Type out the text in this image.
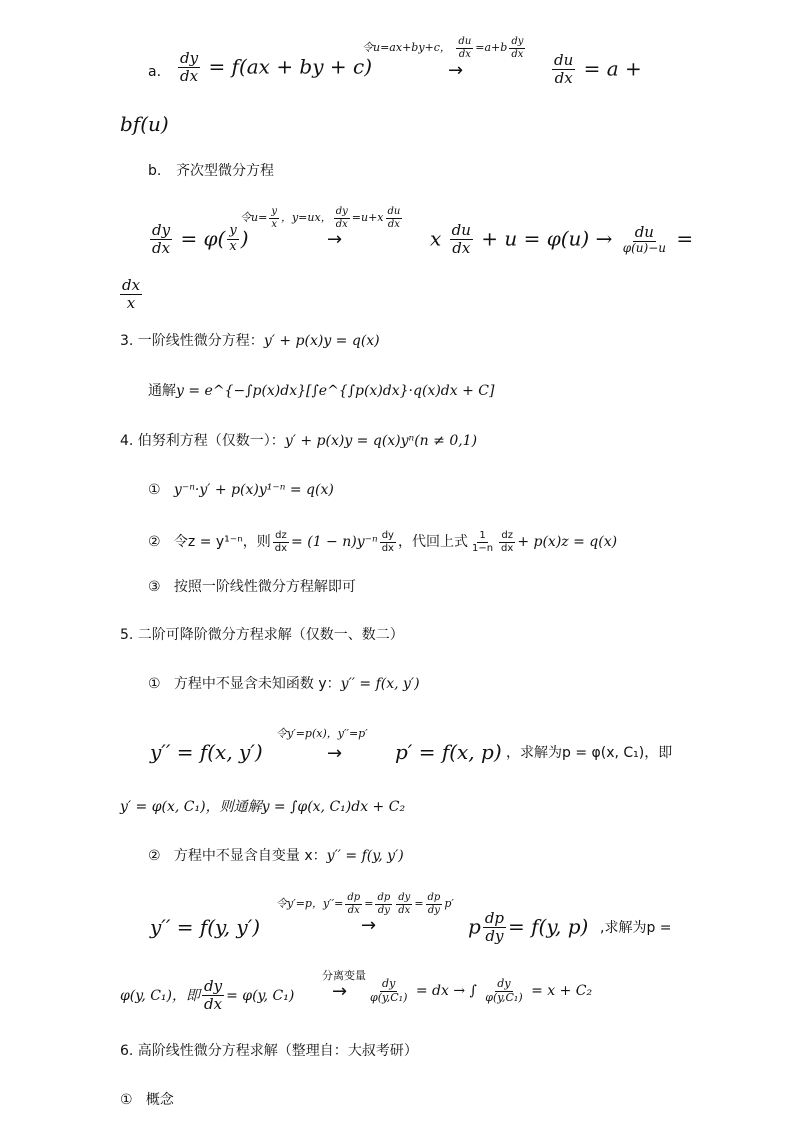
a. $\frac{dy}{dx} = f(ax$ + by + c)
令u=ax+by+c， $\frac{du}{dx} =a+b \frac{dy}{dx}$
→	$\frac{du}{dx} = a$ +
bf(u)
b. 齐次型微分方程
$\frac{dy}{dx} = \varphi( \frac{y}{x}$ )
令$u= \frac{y}{x}$ ，y=ux， $\frac{dy}{dx} =u+x \frac{du}{dx}$
→	x $\frac{du}{dx} + u = \varphi(u) \to \frac{du}{\varphi(u)-u}$ =
$\frac{dx}{x}$
3. 一阶线性微分方程：y′ + p(x)y = q(x)
通解y = e^{−∫p(x)dx}[∫e^{∫p(x)dx}·q(x)dx + C]
4. 伯努利方程（仅数一）：y′ + p(x)y = q(x)yⁿ(n ≠ 0,1)
① y⁻ⁿ·y′ + p(x)y¹⁻ⁿ = q(x)
② 令z = y¹⁻ⁿ，则 $\frac{dz}{dx} = (1 - n)y^{-n} \frac{dy}{dx}$ ，代回上式 $\frac{1}{1-n} \frac{dz}{dx} + p(x)z = q(x)$
③ 按照一阶线性微分方程解即可
5. 二阶可降阶微分方程求解（仅数一、数二）
① 方程中不显含未知函数 y：y′′ = f(x, y′)
y′′ = f(x, y′)
令y′=p(x)，y′′=p′
→	p′ = f(x, p) ，求解为p = φ(x, C₁)，即
y′ = φ(x, C₁)，则通解y = ∫φ(x, C₁)dx + C₂
② 方程中不显含自变量 x：y′′ = f(y, y′)
y′′ = f(y, y′)
令y′=p，$y''= \frac{dp}{dx} = \frac{dp}{dy} \frac{dy}{dx} = \frac{dp}{dy} p'$
→	p $\frac{dp}{dy} = f(y$, p) ,求解为p =
φ(y, C₁)，即 $\frac{dy}{dx} = \varphi(y$, C₁)
分离变量
→ $\frac{dy}{\text{φ(y,C₁)}}$ = dx → ∫ $\frac{dy}{\text{φ(y,C₁)}} = x + C_2$
6. 高阶线性微分方程求解（整理自：大叔考研）
① 概念
